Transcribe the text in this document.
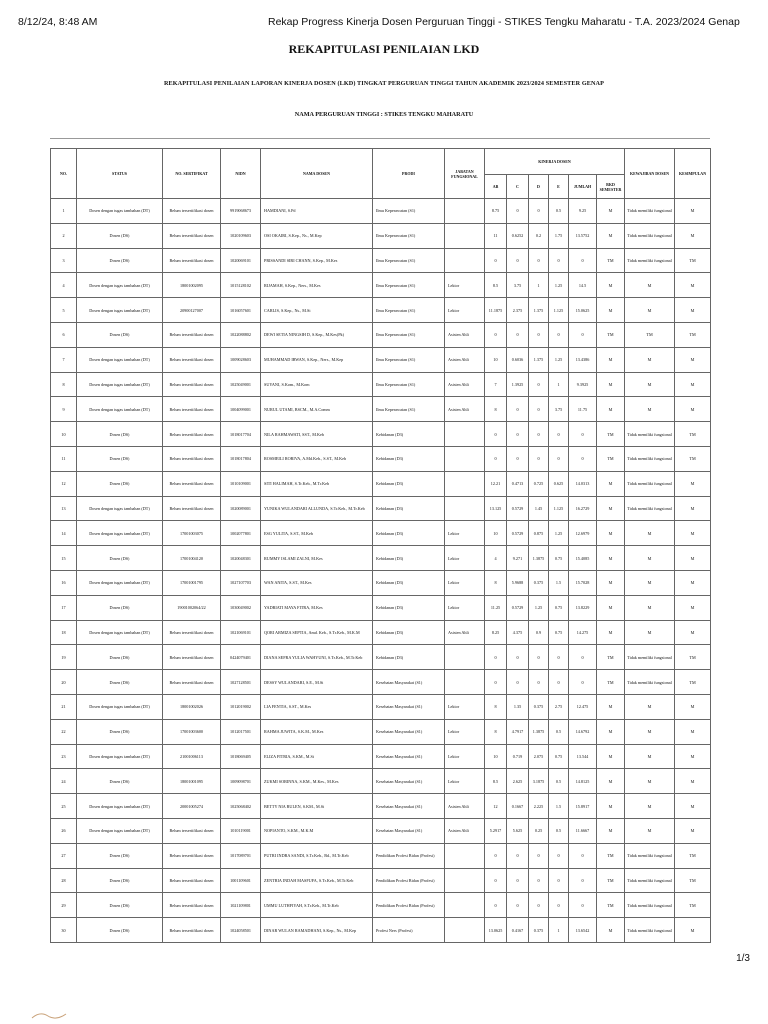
8/12/24, 8:48 AM	Rekap Progress Kinerja Dosen Perguruan Tinggi - STIKES Tengku Maharatu - T.A. 2023/2024 Genap
REKAPITULASI PENILAIAN LKD
REKAPITULASI PENILAIAN LAPORAN KINERJA DOSEN (LKD) TINGKAT PERGURUAN TINGGI TAHUN AKADEMIK 2023/2024 SEMESTER GENAP
NAMA PERGURUAN TINGGI : STIKES TENGKU MAHARATU
NO.	STATUS	NO. SERTIFIKAT	NIDN	NAMA DOSEN	PRODI	JABATAN FUNGSIONAL	KINERJA DOSEN						KEWAJIBAN DOSEN	KESIMPULAN
							AB	C	D	E	JUMLAH	BKD SEMESTER		
1	Dosen dengan tugas tambahan (DT)	Belum tersertifikasi dosen	9919068673	HAMDIANI, S.Pd	Ilmu Keperawatan (S1)		8.75	0	0	0.5	9.25	M	Tidak memiliki fungsional	M
2	Dosen (DS)	Belum tersertifikasi dosen	1020109603	OSI OKAIRI, S.Kep., Ns., M.Kep	Ilmu Keperawatan (S1)		11	0.6252	0.2	1.75	13.5752	M	Tidak memiliki fungsional	M
3	Dosen (DS)	Belum tersertifikasi dosen	1020069101	PRISSANDI SIRI CHANN, S.Kep., M.Kes	Ilmu Keperawatan (S1)		0	0	0	0	0	TM	Tidak memiliki fungsional	TM
4	Dosen dengan tugas tambahan (DT)	18001002095	1015128102	RIJAMAH, S.Kep., Ners., M.Kes	Ilmu Keperawatan (S1)	Lektor	8.5	3.75	1	1.25	14.5	M	M	M
5	Dosen dengan tugas tambahan (DT)	20900127007	1016057601	CARLIS, S.Kep., Ns., M.Si	Ilmu Keperawatan (S1)	Lektor	11.1875	2.375	1.375	1.125	15.0625	M	M	M
6	Dosen (DS)	Belum tersertifikasi dosen	1022088802	DEWI SETIA NINGSIH D, S.Kep., M.Kes(Pk)	Ilmu Keperawatan (S1)	Asisten Ahli	0	0	0	0	0	TM	TM	TM
7	Dosen dengan tugas tambahan (DT)	Belum tersertifikasi dosen	1009028603	MUHAMMAD IRWAN, S.Kep., Ners., M.Kep	Ilmu Keperawatan (S1)	Asisten Ahli	10	0.6036	1.375	1.25	13.4386	M	M	M
8	Dosen dengan tugas tambahan (DT)	Belum tersertifikasi dosen	1025049001	SUYANI, S.Kom., M.Kom	Ilmu Keperawatan (S1)	Asisten Ahli	7	1.3925	0	1	9.3925	M	M	M
9	Dosen dengan tugas tambahan (DT)	Belum tersertifikasi dosen	1004099001	NURUL UTAMI, BSCM., M.A.Comm	Ilmu Keperawatan (S1)	Asisten Ahli	8	0	0	3.75	11.75	M	M	M
10	Dosen (DS)	Belum tersertifikasi dosen	1018017704	NILA RAHMAWATI, SST., M.Keb	Kebidanan (D3)		0	0	0	0	0	TM	Tidak memiliki fungsional	TM
11	Dosen (DS)	Belum tersertifikasi dosen	1018017804	ROSMEILI RORIVA, A.Md.Keb., S.ST., M.Keb	Kebidanan (D3)		0	0	0	0	0	TM	Tidak memiliki fungsional	TM
12	Dosen (DS)	Belum tersertifikasi dosen	1010109001	SITI HALIMAH, S.Tr.Keb., M.Tr.Keb	Kebidanan (D3)		12.21	0.4713	0.725	0.625	14.0313	M	Tidak memiliki fungsional	M
13	Dosen dengan tugas tambahan (DT)	Belum tersertifikasi dosen	1020089001	YUNIKA WULANDARI ALLUNDA, S.Tr.Keb., M.Tr.Keb	Kebidanan (D3)		13.125	0.5729	1.45	1.125	16.2729	M	Tidak memiliki fungsional	M
14	Dosen dengan tugas tambahan (DT)	17001003075	1002077801	ESG YULITA, S.ST., M.Keb	Kebidanan (D3)	Lektor	10	0.5729	0.875	1.25	12.6979	M	M	M
15	Dosen (DS)	17001004120	1020048301	RUMMY ISLAMI ZALNI, M.Kes	Kebidanan (D3)	Lektor	4	9.271	1.3875	0.75	15.4085	M	M	M
16	Dosen dengan tugas tambahan (DT)	17001001795	1027107703	WAN ANITA, S.ST., M.Kes	Kebidanan (D3)	Lektor	8	5.9688	0.375	1.5	15.7028	M	M	M
17	Dosen (DS)	19001002064/22	1030049002	YADRIATI MAYA FITRA, M.Kes	Kebidanan (D3)	Lektor	11.25	0.5729	1.25	0.75	13.8229	M	M	M
18	Dosen dengan tugas tambahan (DT)	Belum tersertifikasi dosen	1021069101	QORI ARMIZA SEPTIA, Amd. Keb., S.Tr.Keb., M.K.M	Kebidanan (D3)	Asisten Ahli	8.25	4.375	0.9	0.75	14.275	M	M	M
19	Dosen (DS)	Belum tersertifikasi dosen	0424079401	DIANA SEFRA YULIA WAHYUNI, S.Tr.Keb., M.Tr.Keb	Kebidanan (D3)		0	0	0	0	0	TM	Tidak memiliki fungsional	TM
20	Dosen (DS)	Belum tersertifikasi dosen	1027128501	DESSY WULANDARI, S.E., M.Si	Kesehatan Masyarakat (S1)		0	0	0	0	0	TM	Tidak memiliki fungsional	TM
21	Dosen dengan tugas tambahan (DT)	18001002026	1012019002	LIA FENTIA, S.ST., M.Kes	Kesehatan Masyarakat (S1)	Lektor	8	1.35	0.375	2.75	12.475	M	M	M
22	Dosen (DS)	17001003600	1012017501	RAHMA JUWITA, S.K.M., M.Kes	Kesehatan Masyarakat (S1)	Lektor	8	4.7917	1.3875	0.5	14.6792	M	M	M
23	Dosen dengan tugas tambahan (DT)	21001006113	1018069405	ELIZA FITRIA, S.KM., M.Si	Kesehatan Masyarakat (S1)	Lektor	10	0.719	2.075	0.75	13.544	M	M	M
24	Dosen (DS)	18001001095	1009098701	ZUKMI SORINNA, S.KM., M.Kes., M.Kes	Kesehatan Masyarakat (S1)	Lektor	8.5	2.625	3.1875	0.5	14.8125	M	M	M
25	Dosen dengan tugas tambahan (DT)	20001005274	1025068402	BETTY NIA RULEN, S.KM., M.Si	Kesehatan Masyarakat (S1)	Asisten Ahli	12	0.1667	2.225	1.5	15.8917	M	M	M
26	Dosen dengan tugas tambahan (DT)	Belum tersertifikasi dosen	1010119001	NOPIANTO, S.KM., M.K.M	Kesehatan Masyarakat (S1)	Asisten Ahli	5.2917	5.625	0.25	0.5	11.6667	M	M	M
27	Dosen (DS)	Belum tersertifikasi dosen	1017089701	PUTRI INDRA SANDI, S.Tr.Keb., Bd., M.Tr.Keb	Pendidikan Profesi Bidan (Profesi)		0	0	0	0	0	TM	Tidak memiliki fungsional	TM
28	Dosen (DS)	Belum tersertifikasi dosen	1001109601	ZENTRIA INDAH MASFUFA, S.Tr.Keb., M.Tr.Keb	Pendidikan Profesi Bidan (Profesi)		0	0	0	0	0	TM	Tidak memiliki fungsional	TM
29	Dosen (DS)	Belum tersertifikasi dosen	1021109801	UMMU LUTHFIYAH, S.Tr.Keb., M.Tr.Keb	Pendidikan Profesi Bidan (Profesi)		0	0	0	0	0	TM	Tidak memiliki fungsional	TM
30	Dosen (DS)	Belum tersertifikasi dosen	1024058501	DINAR WULAN RAMADHANI, S.Kep., Ns., M.Kep	Profesi Ners (Profesi)		13.0625	0.4167	0.375	1	13.6542	M	Tidak memiliki fungsional	M
1/3
